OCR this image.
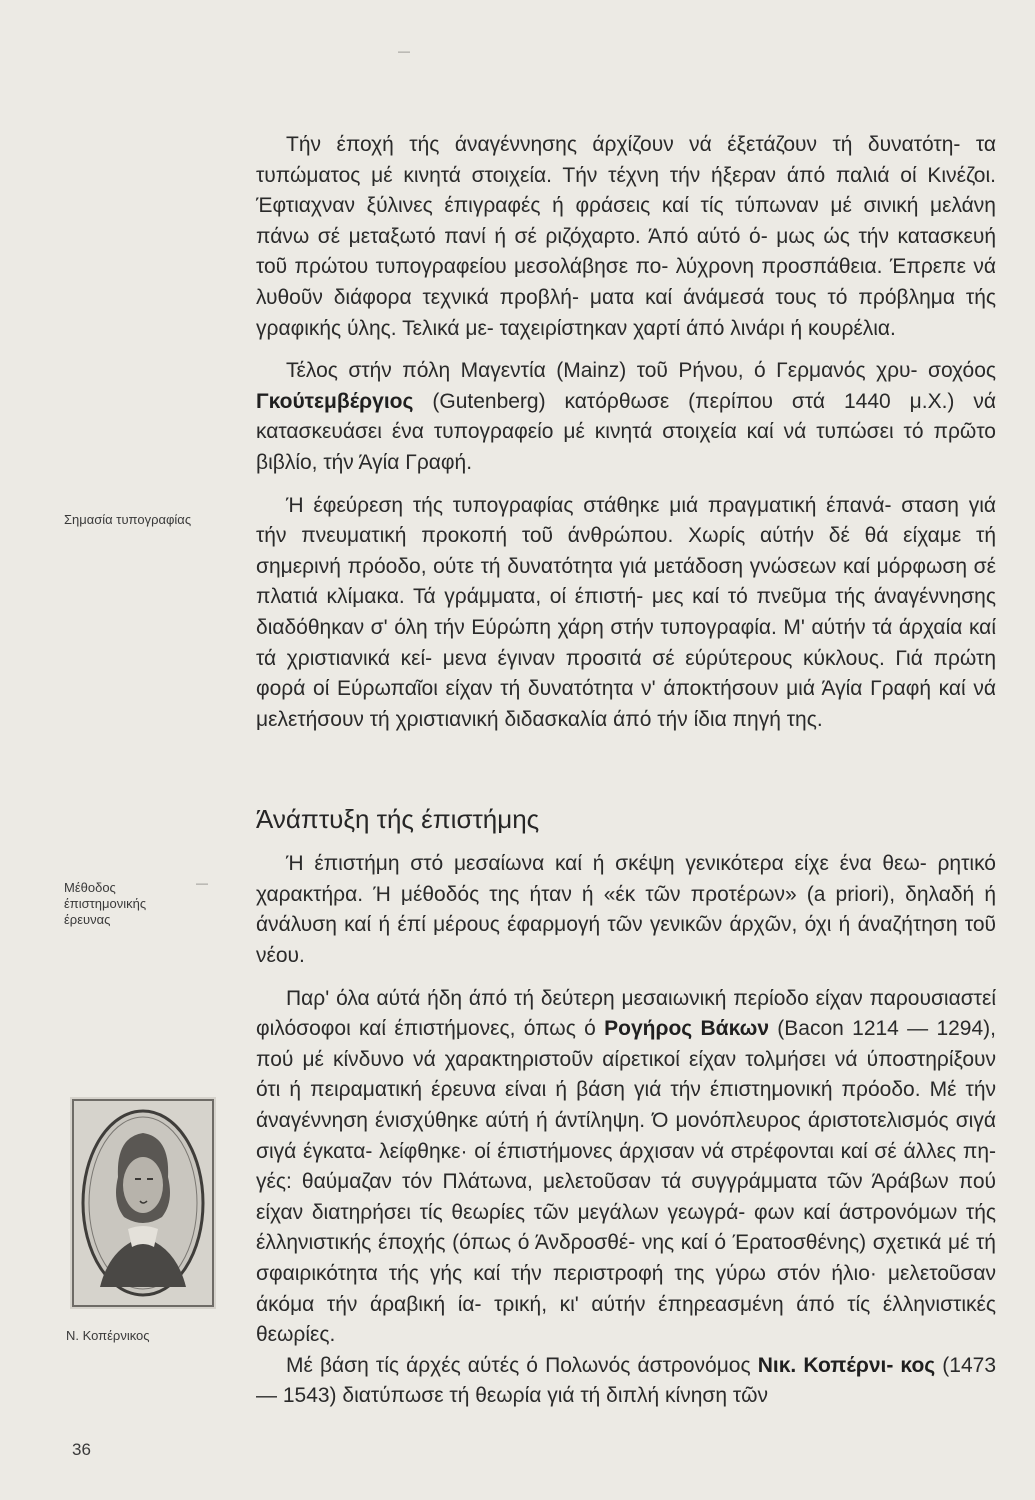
Τήν έποχή τής άναγέννησης άρχίζουν νά έξετάζουν τή δυνατότη- τα τυπώματος μέ κινητά στοιχεία. Τήν τέχνη τήν ήξεραν άπό παλιά οί Κινέζοι. Έφτιαχναν ξύλινες έπιγραφές ή φράσεις καί τίς τύπωναν μέ σινική μελάνη πάνω σέ μεταξωτό πανί ή σέ ριζόχαρτο. Άπό αύτό ό- μως ώς τήν κατασκευή τοῦ πρώτου τυπογραφείου μεσολάβησε πο- λύχρονη προσπάθεια. Έπρεπε νά λυθοῦν διάφορα τεχνικά προβλή- ματα καί άνάμεσά τους τό πρόβλημα τής γραφικής ύλης. Τελικά με- ταχειρίστηκαν χαρτί άπό λινάρι ή κουρέλια.

Τέλος στήν πόλη Μαγεντία (Mainz) τοῦ Ρήνου, ό Γερμανός χρυ- σοχόος Γκούτεμβέργιος (Gutenberg) κατόρθωσε (περίπου στά 1440 μ.Χ.) νά κατασκευάσει ένα τυπογραφείο μέ κινητά στοιχεία καί νά τυπώσει τό πρῶτο βιβλίο, τήν Άγία Γραφή.

Ή έφεύρεση τής τυπογραφίας στάθηκε μιά πραγματική έπανά- σταση γιά τήν πνευματική προκοπή τοῦ άνθρώπου. Χωρίς αύτήν δέ θά είχαμε τή σημερινή πρόοδο, ούτε τή δυνατότητα γιά μετάδοση γνώσεων καί μόρφωση σέ πλατιά κλίμακα. Τά γράμματα, οί έπιστή- μες καί τό πνεῦμα τής άναγέννησης διαδόθηκαν σ' όλη τήν Εύρώπη χάρη στήν τυπογραφία. Μ' αύτήν τά άρχαία καί τά χριστιανικά κεί- μενα έγιναν προσιτά σέ εύρύτερους κύκλους. Γιά πρώτη φορά οί Εύρωπαῖοι είχαν τή δυνατότητα ν' άποκτήσουν μιά Άγία Γραφή καί νά μελετήσουν τή χριστιανική διδασκαλία άπό τήν ίδια πηγή της.

Άνάπτυξη τής έπιστήμης

Ή έπιστήμη στό μεσαίωνα καί ή σκέψη γενικότερα είχε ένα θεω- ρητικό χαρακτήρα. Ή μέθοδός της ήταν ή «έκ τῶν προτέρων» (a priori), δηλαδή ή άνάλυση καί ή έπί μέρους έφαρμογή τῶν γενικῶν άρχῶν, όχι ή άναζήτηση τοῦ νέου.

Παρ' όλα αύτά ήδη άπό τή δεύτερη μεσαιωνική περίοδο είχαν παρουσιαστεί φιλόσοφοι καί έπιστήμονες, όπως ό Ρογήρος Βάκων (Bacon 1214 — 1294), πού μέ κίνδυνο νά χαρακτηριστοῦν αίρετικοί είχαν τολμήσει νά ύποστηρίξουν ότι ή πειραματική έρευνα είναι ή βάση γιά τήν έπιστημονική πρόοδο. Μέ τήν άναγέννηση ένισχύθηκε αύτή ή άντίληψη. Ό μονόπλευρος άριστοτελισμός σιγά σιγά έγκατα- λείφθηκε· οί έπιστήμονες άρχισαν νά στρέφονται καί σέ άλλες πη- γές: θαύμαζαν τόν Πλάτωνα, μελετοῦσαν τά συγγράμματα τῶν Άράβων πού είχαν διατηρήσει τίς θεωρίες τῶν μεγάλων γεωγρά- φων καί άστρονόμων τής έλληνιστικής έποχής (όπως ό Άνδροσθέ- νης καί ό Έρατοσθένης) σχετικά μέ τή σφαιρικότητα τής γής καί τήν περιστροφή της γύρω στόν ήλιο· μελετοῦσαν άκόμα τήν άραβική ία- τρική, κι' αύτήν έπηρεασμένη άπό τίς έλληνιστικές θεωρίες.

Μέ βάση τίς άρχές αύτές ό Πολωνός άστρονόμος Νικ. Κοπέρνι- κος (1473 — 1543) διατύπωσε τή θεωρία γιά τή διπλή κίνηση τῶν

Σημασία τυπογραφίας
Μέθοδος
έπιστημονικής
έρευνας
Ν. Κοπέρνικος
36
—
—
